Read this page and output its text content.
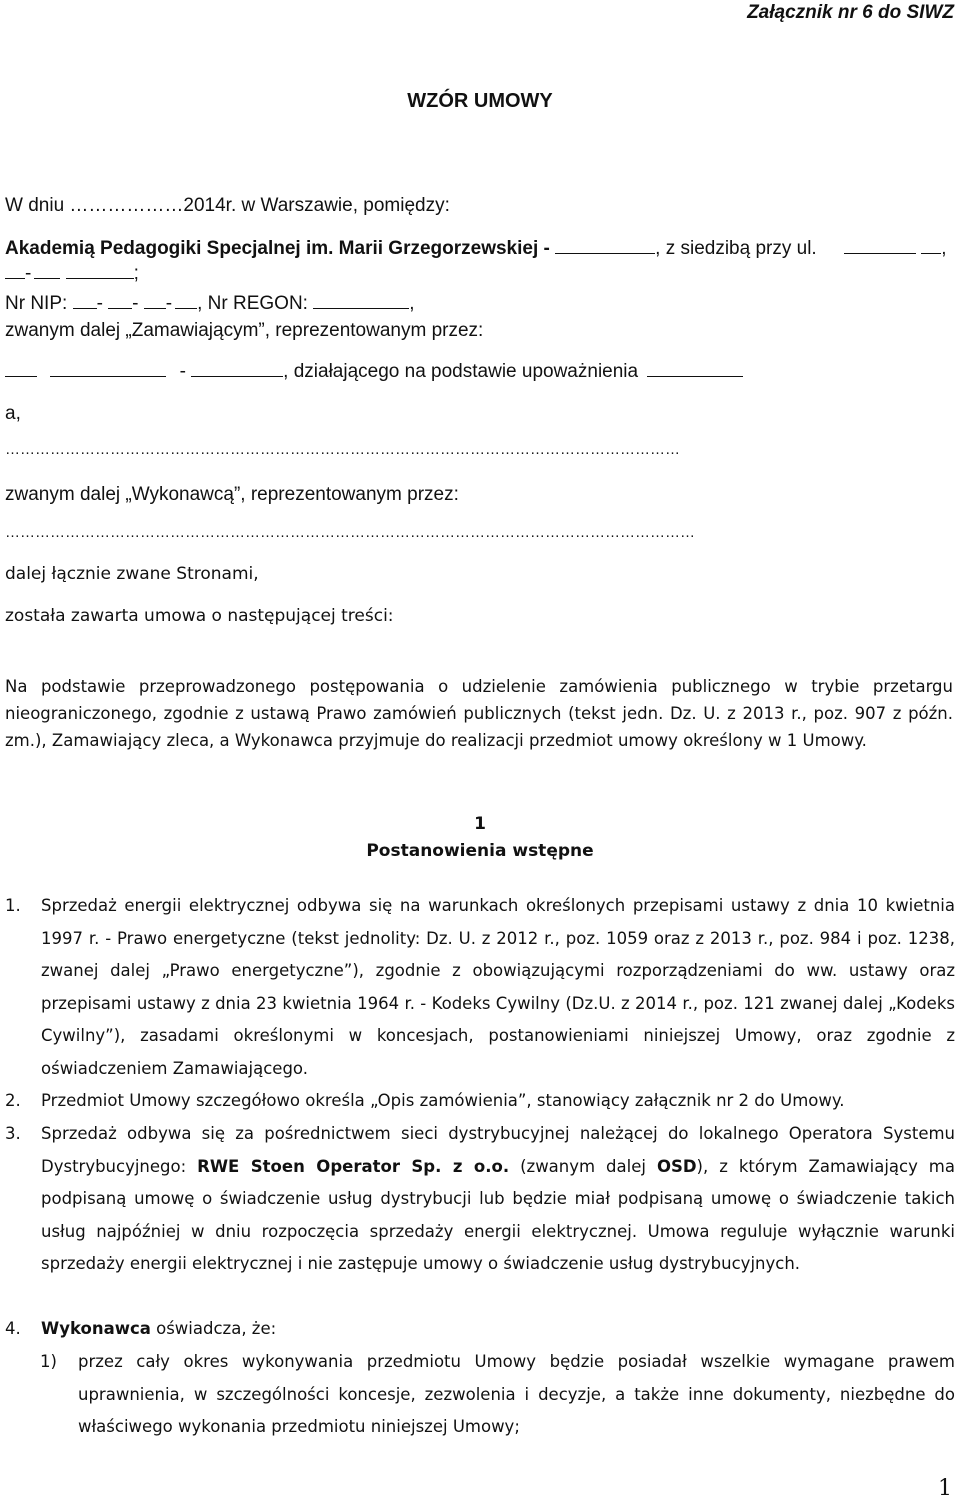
Załącznik nr 6 do SIWZ
WZÓR UMOWY
W dniu ………………2014r. w Warszawie, pomiędzy:
Akademią Pedagogiki Specjalnej im. Marii Grzegorzewskiej -	, z siedzibą przy ul.	,
-	;
Nr NIP: - - - , Nr REGON:	,
zwanym dalej „Zamawiającym”, reprezentowanym przez:
-	, działającego na podstawie upoważnienia
a,
………………………………………………………………………………………………………………………
zwanym dalej „Wykonawcą”, reprezentowanym przez:
…………………………………………………………………………………………………………………………
dalej łącznie zwane Stronami,
została zawarta umowa o następującej treści:
Na podstawie przeprowadzonego postępowania o udzielenie zamówienia publicznego w trybie przetargu nieograniczonego, zgodnie z ustawą Prawo zamówień publicznych (tekst jedn. Dz. U. z 2013 r., poz. 907 z późn. zm.), Zamawiający zleca, a Wykonawca przyjmuje do realizacji przedmiot umowy określony w 1 Umowy.
1
Postanowienia wstępne
1. Sprzedaż energii elektrycznej odbywa się na warunkach określonych przepisami ustawy z dnia 10 kwietnia 1997 r. - Prawo energetyczne (tekst jednolity: Dz. U. z 2012 r., poz. 1059 oraz z 2013 r., poz. 984 i poz. 1238, zwanej dalej „Prawo energetyczne”), zgodnie z obowiązującymi rozporządzeniami do ww. ustawy oraz przepisami ustawy z dnia 23 kwietnia 1964 r. - Kodeks Cywilny (Dz.U. z 2014 r., poz. 121 zwanej dalej „Kodeks Cywilny”), zasadami określonymi w koncesjach, postanowieniami niniejszej Umowy, oraz zgodnie z oświadczeniem Zamawiającego.
2. Przedmiot Umowy szczegółowo określa „Opis zamówienia”, stanowiący załącznik nr 2 do Umowy.
3. Sprzedaż odbywa się za pośrednictwem sieci dystrybucyjnej należącej do lokalnego Operatora Systemu Dystrybucyjnego: RWE Stoen Operator Sp. z o.o. (zwanym dalej OSD), z którym Zamawiający ma podpisaną umowę o świadczenie usług dystrybucji lub będzie miał podpisaną umowę o świadczenie takich usług najpóźniej w dniu rozpoczęcia sprzedaży energii elektrycznej. Umowa reguluje wyłącznie warunki sprzedaży energii elektrycznej i nie zastępuje umowy o świadczenie usług dystrybucyjnych.
4. Wykonawca oświadcza, że:
1) przez cały okres wykonywania przedmiotu Umowy będzie posiadał wszelkie wymagane prawem uprawnienia, w szczególności koncesje, zezwolenia i decyzje, a także inne dokumenty, niezbędne do właściwego wykonania przedmiotu niniejszej Umowy;
1
